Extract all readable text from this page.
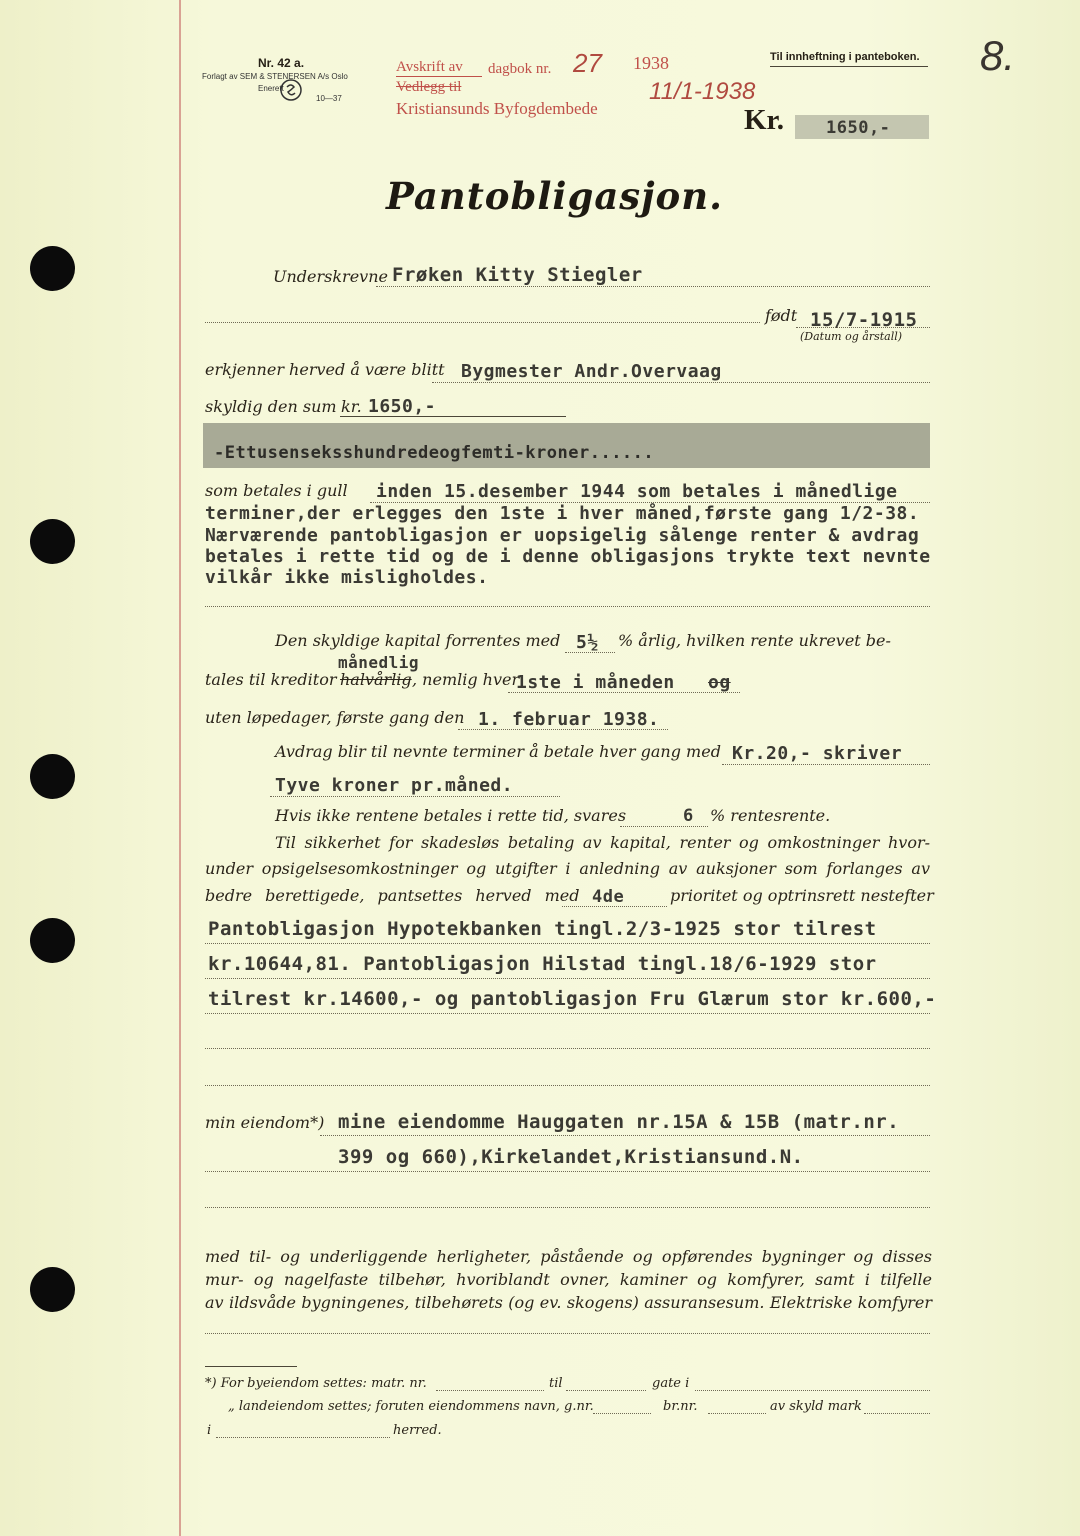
Nr. 42 a.
Forlagt av SEM & STENERSEN A/s Oslo
Enerett
10—37
Avskrift av dagbok nr. 27 1938
Vedlegg til
Kristiansunds Byfogdembede
11/1-1938
Til innheftning i panteboken. 8.
Kr. 1650,-
Pantobligasjon.
Underskrevne Frøken Kitty Stiegler
født 15/7-1915
(Datum og årstall)
erkjenner herved å være blitt Bygmester Andr.Overvaag
skyldig den sum kr. 1650,-
-Ettusenseksshundredeogfemti-kroner......
som betales i gull inden 15.desember 1944 som betales i månedlige
terminer,der erlegges den 1ste i hver måned,første gang 1/2-38.
Nærværende pantobligasjon er uopsigelig sålenge renter & avdrag
betales i rette tid og de i denne obligasjons trykte text nevnte
vilkår ikke misligholdes.
Den skyldige kapital forrentes med 5½ % årlig, hvilken rente ukrevet be-
tales til kreditor halvårlig
månedlig
, nemlig hver
1ste i måneden og
uten løpedager, første gang den 1. februar 1938.
Avdrag blir til nevnte terminer å betale hver gang med Kr.20,- skriver
Tyve kroner pr.måned.
Hvis ikke rentene betales i rette tid, svares	6 % rentesrente.
Til sikkerhet for skadesløs betaling av kapital, renter og omkostninger hvor-
under opsigelsesomkostninger og utgifter i anledning av auksjoner som forlanges av
bedre berettigede, pantsettes herved med 4de	prioritet og optrinsrett nestefter
Pantobligasjon Hypotekbanken tingl.2/3-1925 stor tilrest
kr.10644,81. Pantobligasjon Hilstad tingl.18/6-1929 stor
tilrest kr.14600,- og pantobligasjon Fru Glærum stor kr.600,-
min eiendom*) mine eiendomme Hauggaten nr.15A & 15B (matr.nr.
399 og 660),Kirkelandet,Kristiansund.N.
med til- og underliggende herligheter, påstående og opførendes bygninger og disses
mur- og nagelfaste tilbehør, hvoriblandt ovner, kaminer og komfyrer, samt i tilfelle
av ildsvåde bygningenes, tilbehørets (og ev. skogens) assuransesum. Elektriske komfyrer
*) For byeiendom settes: matr. nr.	til	gate i
„ landeiendom settes; foruten eiendommens navn, g.nr.	br.nr.	av skyld mark
i	herred.
